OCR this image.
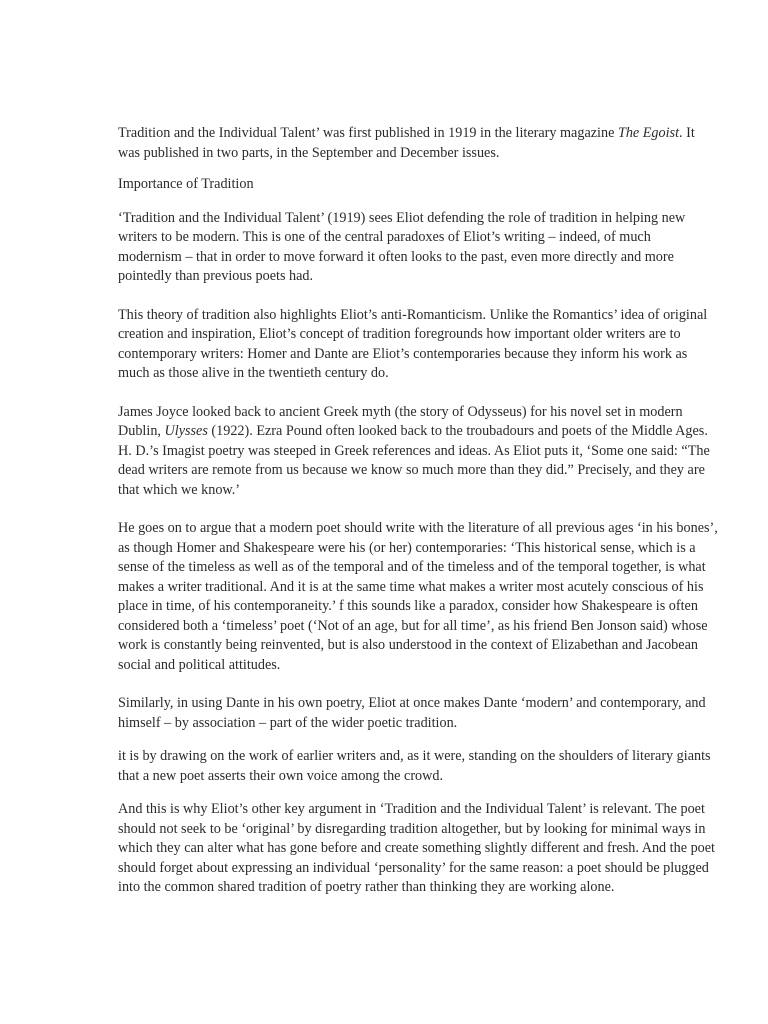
Tradition and the Individual Talent’ was first published in 1919 in the literary magazine The Egoist. It was published in two parts, in the September and December issues.

Importance of Tradition

‘Tradition and the Individual Talent’ (1919) sees Eliot defending the role of tradition in helping new writers to be modern. This is one of the central paradoxes of Eliot’s writing – indeed, of much modernism – that in order to move forward it often looks to the past, even more directly and more pointedly than previous poets had.

This theory of tradition also highlights Eliot’s anti-Romanticism. Unlike the Romantics’ idea of original creation and inspiration, Eliot’s concept of tradition foregrounds how important older writers are to contemporary writers: Homer and Dante are Eliot’s contemporaries because they inform his work as much as those alive in the twentieth century do.

James Joyce looked back to ancient Greek myth (the story of Odysseus) for his novel set in modern Dublin, Ulysses (1922). Ezra Pound often looked back to the troubadours and poets of the Middle Ages. H. D.’s Imagist poetry was steeped in Greek references and ideas. As Eliot puts it, ‘Some one said: “The dead writers are remote from us because we know so much more than they did.” Precisely, and they are that which we know.’

He goes on to argue that a modern poet should write with the literature of all previous ages ‘in his bones’, as though Homer and Shakespeare were his (or her) contemporaries: ‘This historical sense, which is a sense of the timeless as well as of the temporal and of the timeless and of the temporal together, is what makes a writer traditional. And it is at the same time what makes a writer most acutely conscious of his place in time, of his contemporaneity.’ f this sounds like a paradox, consider how Shakespeare is often considered both a ‘timeless’ poet (‘Not of an age, but for all time’, as his friend Ben Jonson said) whose work is constantly being reinvented, but is also understood in the context of Elizabethan and Jacobean social and political attitudes.

Similarly, in using Dante in his own poetry, Eliot at once makes Dante ‘modern’ and contemporary, and himself – by association – part of the wider poetic tradition.

it is by drawing on the work of earlier writers and, as it were, standing on the shoulders of literary giants that a new poet asserts their own voice among the crowd.

And this is why Eliot’s other key argument in ‘Tradition and the Individual Talent’ is relevant. The poet should not seek to be ‘original’ by disregarding tradition altogether, but by looking for minimal ways in which they can alter what has gone before and create something slightly different and fresh. And the poet should forget about expressing an individual ‘personality’ for the same reason: a poet should be plugged into the common shared tradition of poetry rather than thinking they are working alone.
